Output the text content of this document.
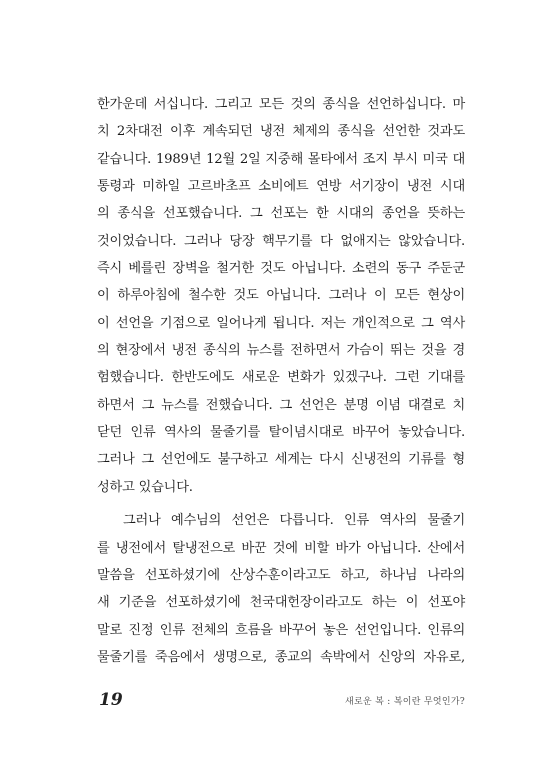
한가운데 서십니다. 그리고 모든 것의 종식을 선언하십니다. 마
치 2차대전 이후 계속되던 냉전 체제의 종식을 선언한 것과도
같습니다. 1989년 12월 2일 지중해 몰타에서 조지 부시 미국 대
통령과 미하일 고르바초프 소비에트 연방 서기장이 냉전 시대
의 종식을 선포했습니다. 그 선포는 한 시대의 종언을 뜻하는
것이었습니다. 그러나 당장 핵무기를 다 없애지는 않았습니다.
즉시 베를린 장벽을 철거한 것도 아닙니다. 소련의 동구 주둔군
이 하루아침에 철수한 것도 아닙니다. 그러나 이 모든 현상이
이 선언을 기점으로 일어나게 됩니다. 저는 개인적으로 그 역사
의 현장에서 냉전 종식의 뉴스를 전하면서 가슴이 뛰는 것을 경
험했습니다. 한반도에도 새로운 변화가 있겠구나. 그런 기대를
하면서 그 뉴스를 전했습니다. 그 선언은 분명 이념 대결로 치
닫던 인류 역사의 물줄기를 탈이념시대로 바꾸어 놓았습니다.
그러나 그 선언에도 불구하고 세계는 다시 신냉전의 기류를 형
성하고 있습니다.
그러나 예수님의 선언은 다릅니다. 인류 역사의 물줄기
를 냉전에서 탈냉전으로 바꾼 것에 비할 바가 아닙니다. 산에서
말씀을 선포하셨기에 산상수훈이라고도 하고, 하나님 나라의
새 기준을 선포하셨기에 천국대헌장이라고도 하는 이 선포야
말로 진정 인류 전체의 흐름을 바꾸어 놓은 선언입니다. 인류의
물줄기를 죽음에서 생명으로, 종교의 속박에서 신앙의 자유로,
19	새로운 복 : 복이란 무엇인가?
